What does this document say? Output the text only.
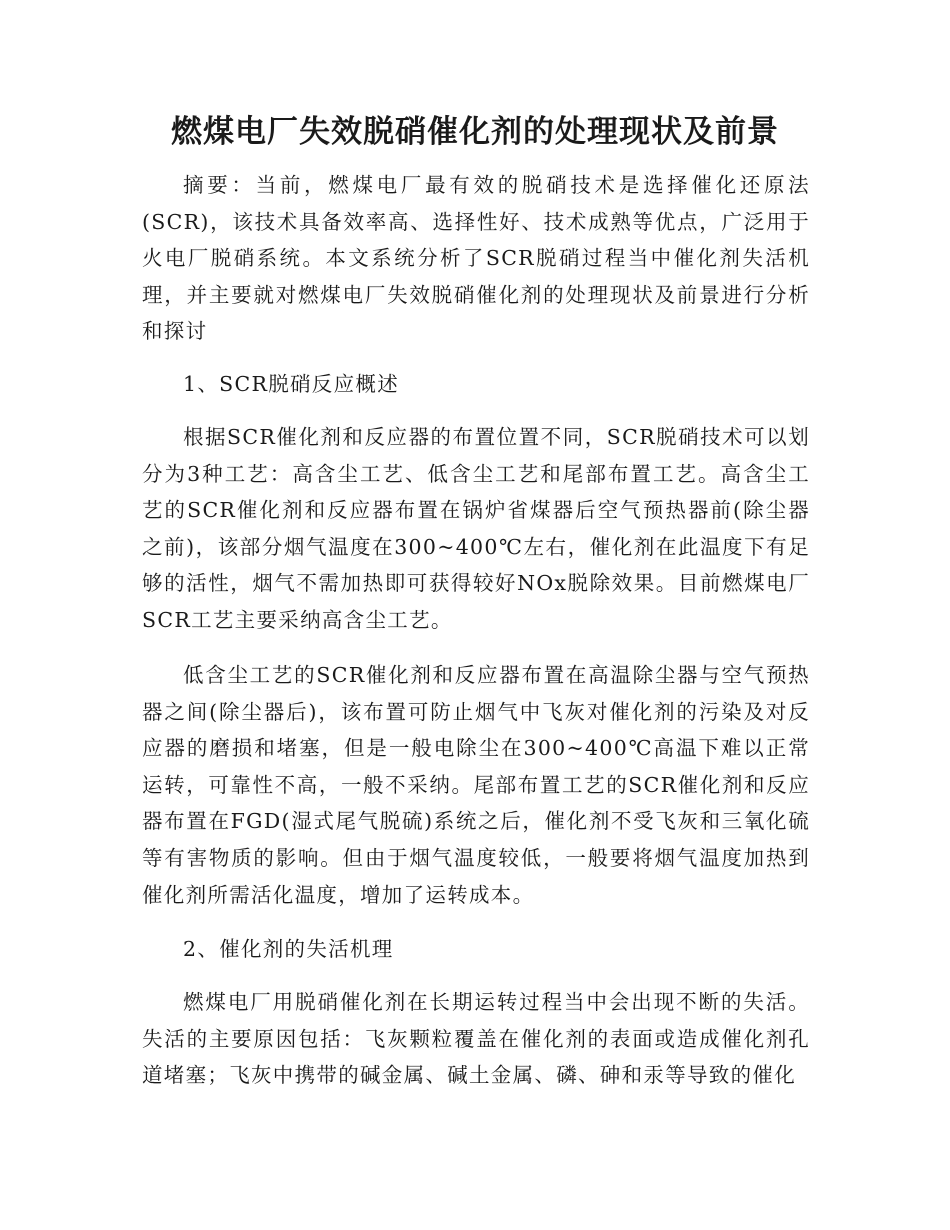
燃煤电厂失效脱硝催化剂的处理现状及前景

摘要：当前，燃煤电厂最有效的脱硝技术是选择催化还原法(SCR)，该技术具备效率高、选择性好、技术成熟等优点，广泛用于火电厂脱硝系统。本文系统分析了SCR脱硝过程当中催化剂失活机理，并主要就对燃煤电厂失效脱硝催化剂的处理现状及前景进行分析和探讨

1、SCR脱硝反应概述

根据SCR催化剂和反应器的布置位置不同，SCR脱硝技术可以划分为3种工艺：高含尘工艺、低含尘工艺和尾部布置工艺。高含尘工艺的SCR催化剂和反应器布置在锅炉省煤器后空气预热器前(除尘器之前)，该部分烟气温度在300~400℃左右，催化剂在此温度下有足够的活性，烟气不需加热即可获得较好NOx脱除效果。目前燃煤电厂SCR工艺主要采纳高含尘工艺。

低含尘工艺的SCR催化剂和反应器布置在高温除尘器与空气预热器之间(除尘器后)，该布置可防止烟气中飞灰对催化剂的污染及对反应器的磨损和堵塞，但是一般电除尘在300~400℃高温下难以正常运转，可靠性不高，一般不采纳。尾部布置工艺的SCR催化剂和反应器布置在FGD(湿式尾气脱硫)系统之后，催化剂不受飞灰和三氧化硫等有害物质的影响。但由于烟气温度较低，一般要将烟气温度加热到催化剂所需活化温度，增加了运转成本。

2、催化剂的失活机理

燃煤电厂用脱硝催化剂在长期运转过程当中会出现不断的失活。失活的主要原因包括：飞灰颗粒覆盖在催化剂的表面或造成催化剂孔道堵塞；飞灰中携带的碱金属、碱土金属、磷、砷和汞等导致的催化
